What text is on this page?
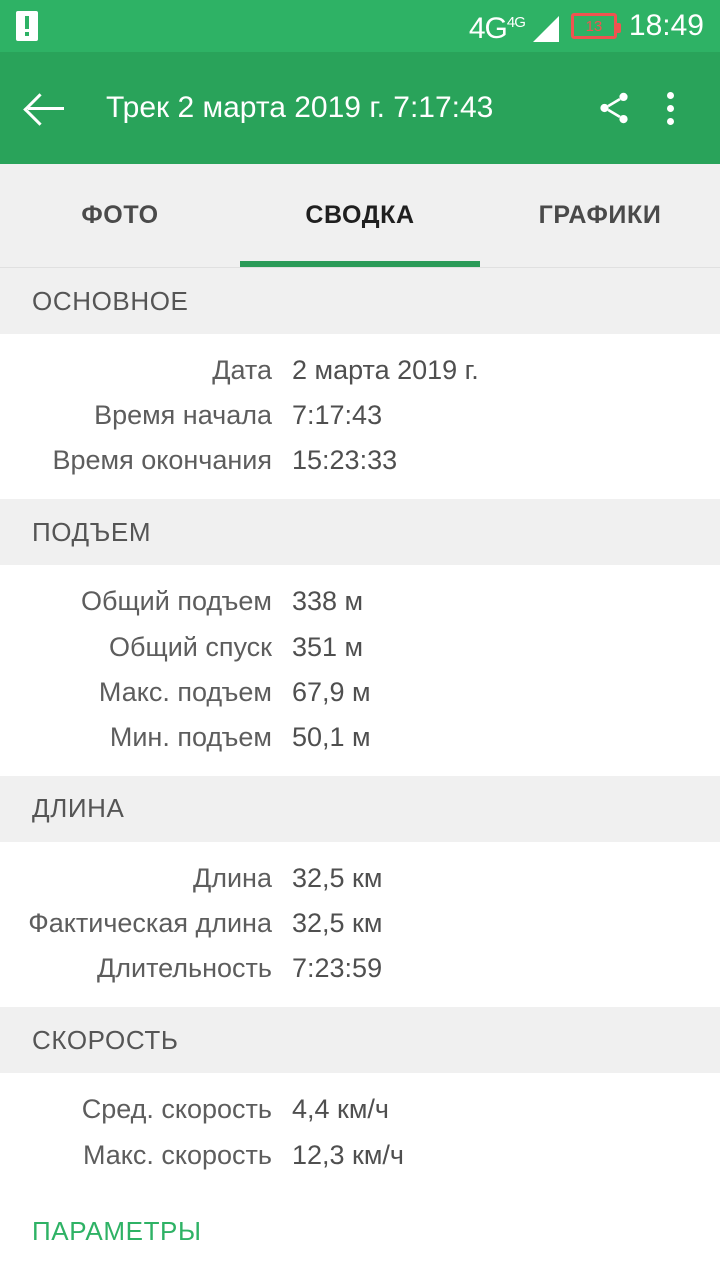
$4G^{4G}$	13 18:49
Трек 2 марта 2019 г. 7:17:43
ФОТО	СВОДКА	ГРАФИКИ
ОСНОВНОЕ
Дата 2 марта 2019 г.
Время начала 7:17:43
Время окончания 15:23:33
ПОДЪЕМ
Общий подъем 338 м
Общий спуск 351 м
Макс. подъем 67,9 м
Мин. подъем 50,1 м
ДЛИНА
Длина 32,5 км
Фактическая длина 32,5 км
Длительность 7:23:59
СКОРОСТЬ
Сред. скорость 4,4 км/ч
Макс. скорость 12,3 км/ч
ПАРАМЕТРЫ
